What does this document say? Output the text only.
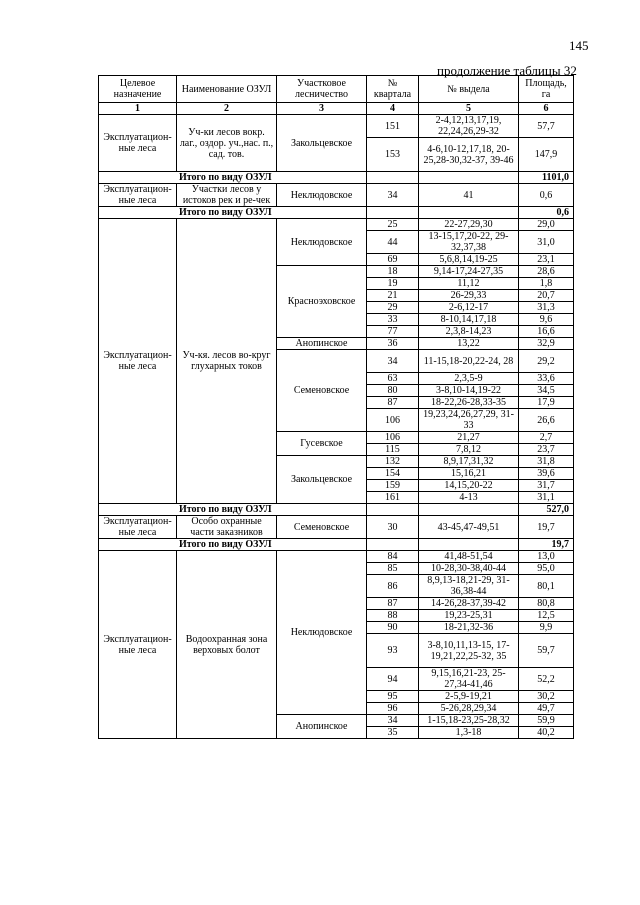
145
продолжение таблицы 32
Целевое назначение	Наименование ОЗУЛ	Участковое лесничество	№ квартала	№ выдела	Площадь, га
1	2	3	4	5	6
Эксплуатацион-ные леса	Уч-ки лесов вокр. лаг., оздор. уч.,нас. п., сад. тов.	Закольцевское	151	2-4,12,13,17,19, 22,24,26,29-32	57,7
			153	4-6,10-12,17,18, 20-25,28-30,32-37, 39-46	147,9
Итого по виду ОЗУЛ					1101,0
Эксплуатацион-ные леса	Участки лесов у истоков рек и ре-чек	Неклюдовское	34	41	0,6
Итого по виду ОЗУЛ					0,6
Эксплуатацион-ные леса	Уч-кя. лесов во-круг глухарных токов	Неклюдовское	25	22-27,29,30	29,0
			44	13-15,17,20-22, 29-32,37,38	31,0
			69	5,6,8,14,19-25	23,1
		Красноэховское	18	9,14-17,24-27,35	28,6
			19	11,12	1,8
			21	26-29,33	20,7
			29	2-6,12-17	31,3
			33	8-10,14,17,18	9,6
			77	2,3,8-14,23	16,6
		Анопинское	36	13,22	32,9
		Семеновское	34	11-15,18-20,22-24, 28	29,2
			63	2,3,5-9	33,6
			80	3-8,10-14,19-22	34,5
			87	18-22,26-28,33-35	17,9
			106	19,23,24,26,27,29, 31-33	26,6
		Гусевское	106	21,27	2,7
			115	7,8,12	23,7
		Закольцевское	132	8,9,17,31,32	31,8
			154	15,16,21	39,6
			159	14,15,20-22	31,7
			161	4-13	31,1
Итого по виду ОЗУЛ					527,0
Эксплуатацион-ные леса	Особо охранные части заказников	Семеновское	30	43-45,47-49,51	19,7
Итого по виду ОЗУЛ					19,7
Эксплуатацион-ные леса	Водоохранная зона верховых болот	Неклюдовское	84	41,48-51,54	13,0
			85	10-28,30-38,40-44	95,0
			86	8,9,13-18,21-29, 31-36,38-44	80,1
			87	14-26,28-37,39-42	80,8
			88	19,23-25,31	12,5
			90	18-21,32-36	9,9
			93	3-8,10,11,13-15, 17-19,21,22,25-32, 35	59,7
			94	9,15,16,21-23, 25-27,34-41,46	52,2
			95	2-5,9-19,21	30,2
			96	5-26,28,29,34	49,7
		Анопинское	34	1-15,18-23,25-28,32	59,9
			35	1,3-18	40,2
